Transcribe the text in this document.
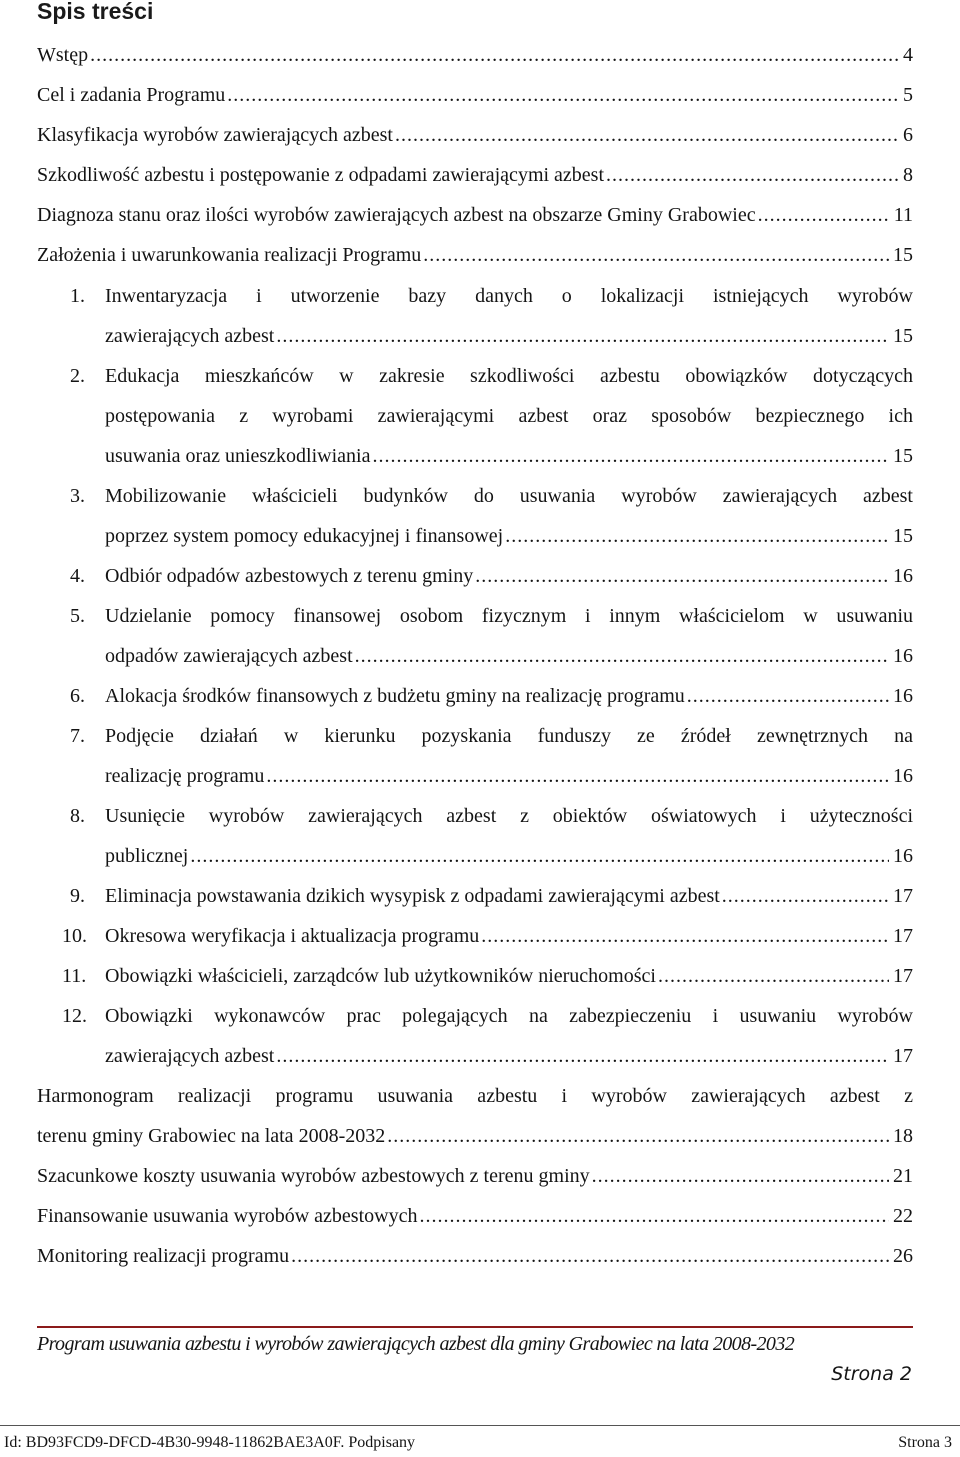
Spis treści
Wstęp .....	4
Cel i zadania Programu .....	5
Klasyfikacja wyrobów zawierających azbest .....	6
Szkodliwość azbestu i postępowanie z odpadami zawierającymi azbest .....	8
Diagnoza stanu oraz ilości wyrobów zawierających azbest na obszarze Gminy Grabowiec .....	11
Założenia i uwarunkowania realizacji Programu .....	15
1.	Inwentaryzacja i utworzenie bazy danych o lokalizacji istniejących wyrobów
zawierających azbest .....	15
2.	Edukacja mieszkańców w zakresie szkodliwości azbestu obowiązków dotyczących
postępowania z wyrobami zawierającymi azbest oraz sposobów bezpiecznego ich
usuwania oraz unieszkodliwiania .....	15
3.	Mobilizowanie właścicieli budynków do usuwania wyrobów zawierających azbest
poprzez system pomocy edukacyjnej i finansowej .....	15
4.	Odbiór odpadów azbestowych z terenu gminy .....	16
5.	Udzielanie pomocy finansowej osobom fizycznym i innym właścicielom w usuwaniu
odpadów zawierających azbest .....	16
6.	Alokacja środków finansowych z budżetu gminy na realizację programu .....	16
7.	Podjęcie działań w kierunku pozyskania funduszy ze źródeł zewnętrznych na
realizację programu .....	16
8.	Usunięcie wyrobów zawierających azbest z obiektów oświatowych i użyteczności
publicznej .....	16
9.	Eliminacja powstawania dzikich wysypisk z odpadami zawierającymi azbest .....	17
10. Okresowa weryfikacja i aktualizacja programu .....	17
11. Obowiązki właścicieli, zarządców lub użytkowników nieruchomości .....	17
12. Obowiązki wykonawców prac polegających na zabezpieczeniu i usuwaniu wyrobów
zawierających azbest .....	17
Harmonogram realizacji programu usuwania azbestu i wyrobów zawierających azbest z
terenu gminy Grabowiec na lata 2008-2032 .....	18
Szacunkowe koszty usuwania wyrobów azbestowych z terenu gminy .....	21
Finansowanie usuwania wyrobów azbestowych .....	22
Monitoring realizacji programu .....	26
Program usuwania azbestu i wyrobów zawierających azbest dla gminy Grabowiec na lata 2008-2032
Strona 2
Id: BD93FCD9-DFCD-4B30-9948-11862BAE3A0F. Podpisany	Strona 3
